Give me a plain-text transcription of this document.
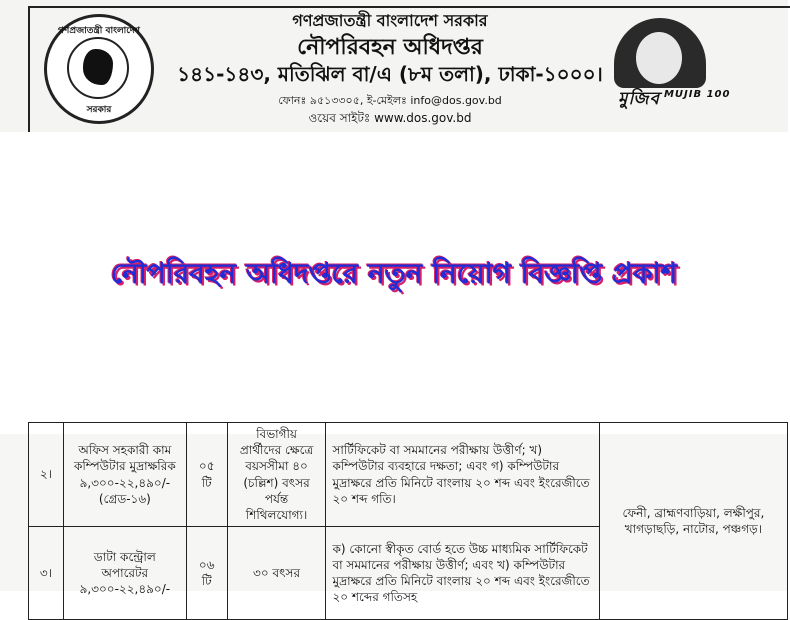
গণপ্রজাতন্ত্রী বাংলাদেশ
সরকার
গণপ্রজাতন্ত্রী বাংলাদেশ সরকার
নৌপরিবহন অধিদপ্তর
১৪১-১৪৩, মতিঝিল বা/এ (৮ম তলা), ঢাকা-১০০০।
ফোনঃ ৯৫১৩৩০৫, ই-মেইলঃ info@dos.gov.bd
ওয়েব সাইটঃ www.dos.gov.bd
মুজিব $^{MUJIB 100}$
নৌপরিবহন অধিদপ্তরে নতুন নিয়োগ বিজ্ঞপ্তি প্রকাশ
২।	অফিস সহকারী কাম কম্পিউটার মুদ্রাক্ষরিক ৯,৩০০-২২,৪৯০/- (গ্রেড-১৬)	০৫ টি	বিভাগীয় প্রার্থীদের ক্ষেত্রে বয়সসীমা ৪০ (চল্লিশ) বৎসর পর্যন্ত শিথিলযোগ্য।	সার্টিফিকেট বা সমমানের পরীক্ষায় উত্তীর্ণ; খ) কম্পিউটার ব্যবহারে দক্ষতা; এবং গ) কম্পিউটার মুদ্রাক্ষরে প্রতি মিনিটে বাংলায় ২০ শব্দ এবং ইংরেজীতে ২০ শব্দ গতি।	ফেনী, ব্রাহ্মণবাড়িয়া, লক্ষীপুর, খাগড়াছড়ি, নাটোর, পঞ্চগড়।
৩।	ডাটা কন্ট্রোল অপারেটর ৯,৩০০-২২,৪৯০/-	০৬ টি	৩০ বৎসর	ক) কোনো স্বীকৃত বোর্ড হতে উচ্চ মাধ্যমিক সার্টিফিকেট বা সমমানের পরীক্ষায় উত্তীর্ণ; এবং খ) কম্পিউটার মুদ্রাক্ষরে প্রতি মিনিটে বাংলায় ২০ শব্দ এবং ইংরেজীতে ২০ শব্দের গতিসহ	
